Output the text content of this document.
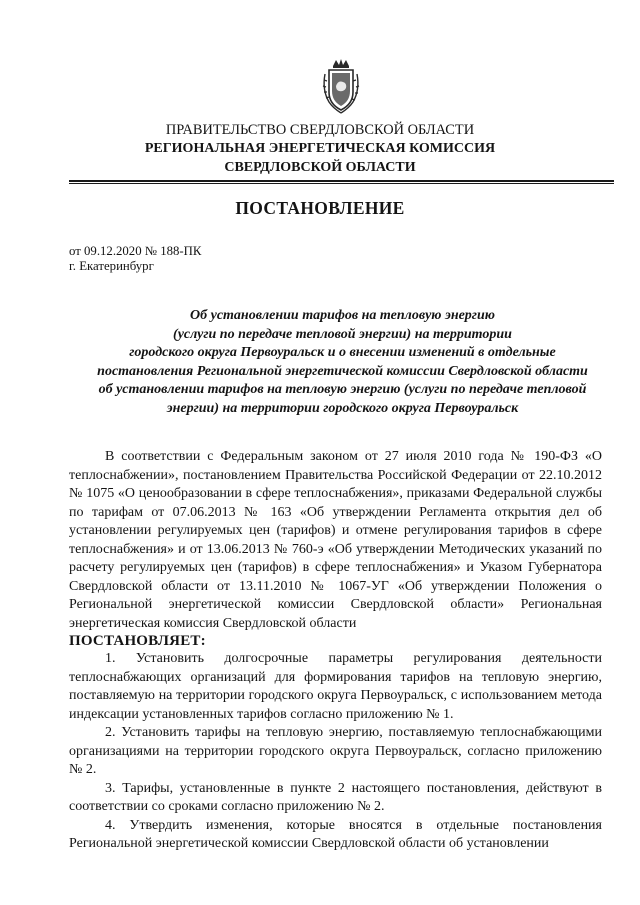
ПРАВИТЕЛЬСТВО СВЕРДЛОВСКОЙ ОБЛАСТИ
РЕГИОНАЛЬНАЯ ЭНЕРГЕТИЧЕСКАЯ КОМИССИЯ
СВЕРДЛОВСКОЙ ОБЛАСТИ
ПОСТАНОВЛЕНИЕ
от 09.12.2020 № 188-ПК
г. Екатеринбург
Об установлении тарифов на тепловую энергию
(услуги по передаче тепловой энергии) на территории
городского округа Первоуральск и о внесении изменений в отдельные
постановления Региональной энергетической комиссии Свердловской области
об установлении тарифов на тепловую энергию (услуги по передаче тепловой
энергии) на территории городского округа Первоуральск

В соответствии с Федеральным законом от 27 июля 2010 года № 190-ФЗ «О теплоснабжении», постановлением Правительства Российской Федерации от 22.10.2012 № 1075 «О ценообразовании в сфере теплоснабжения», приказами Федеральной службы по тарифам от 07.06.2013 № 163 «Об утверждении Регламента открытия дел об установлении регулируемых цен (тарифов) и отмене регулирования тарифов в сфере теплоснабжения» и от 13.06.2013 № 760-э «Об утверждении Методических указаний по расчету регулируемых цен (тарифов) в сфере теплоснабжения» и Указом Губернатора Свердловской области от 13.11.2010 № 1067-УГ «Об утверждении Положения о Региональной энергетической комиссии Свердловской области» Региональная энергетическая комиссия Свердловской области

ПОСТАНОВЛЯЕТ:

1. Установить долгосрочные параметры регулирования деятельности теплоснабжающих организаций для формирования тарифов на тепловую энергию, поставляемую на территории городского округа Первоуральск, с использованием метода индексации установленных тарифов согласно приложению № 1.

2. Установить тарифы на тепловую энергию, поставляемую теплоснабжающими организациями на территории городского округа Первоуральск, согласно приложению № 2.

3. Тарифы, установленные в пункте 2 настоящего постановления, действуют в соответствии со сроками согласно приложению № 2.

4. Утвердить изменения, которые вносятся в отдельные постановления Региональной энергетической комиссии Свердловской области об установлении
